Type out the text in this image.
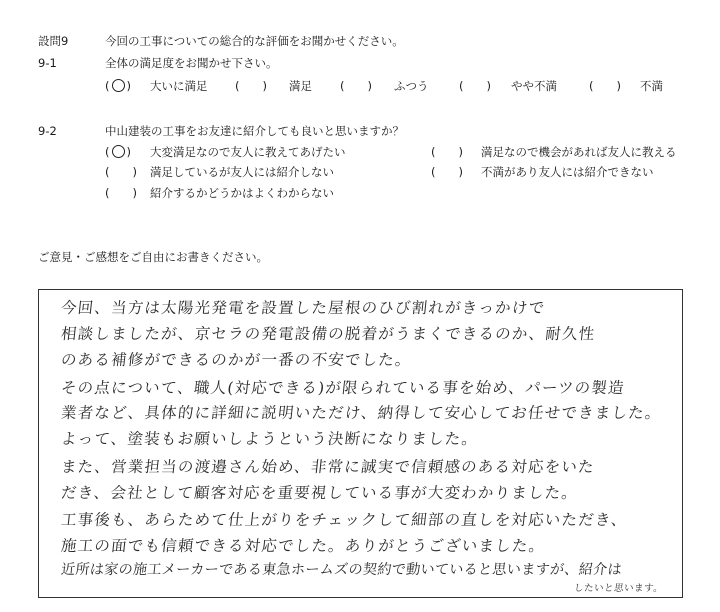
設問9	今回の工事についての総合的な評価をお聞かせください。
9-1	全体の満足度をお聞かせ下さい。
( ○ ) 大いに満足 (　　) 満足 (　　) ふつう	(　　) やや不満	(　　) 不満
9-2	中山建装の工事をお友達に紹介しても良いと思いますか？
( ○ ) 大変満足なので友人に教えてあげたい	(　　) 満足なので機会があれば友人に教える
(　　) 満足しているが友人には紹介しない	(　　) 不満があり友人には紹介できない
(　　) 紹介するかどうかはよくわからない
ご意見・ご感想をご自由にお書きください。
今回、当方は太陽光発電を設置した屋根のひび割れがきっかけで
相談しましたが、京セラの発電設備の脱着がうまくできるのか、耐久性
のある補修ができるのかが一番の不安でした。
その点について、職人(対応できる)が限られている事を始め、パーツの製造
業者など、具体的に詳細に説明いただけ、納得して安心してお任せできました。
よって、塗装もお願いしようという決断になりました。
また、営業担当の渡邉さん始め、非常に誠実で信頼感のある対応をいた
だき、会社として顧客対応を重要視している事が大変わかりました。
工事後も、あらためて仕上がりをチェックして細部の直しを対応いただき、
施工の面でも信頼できる対応でした。ありがとうございました。
近所は家の施工メーカーである東急ホームズの契約で動いていると思いますが、紹介は
したいと思います。
